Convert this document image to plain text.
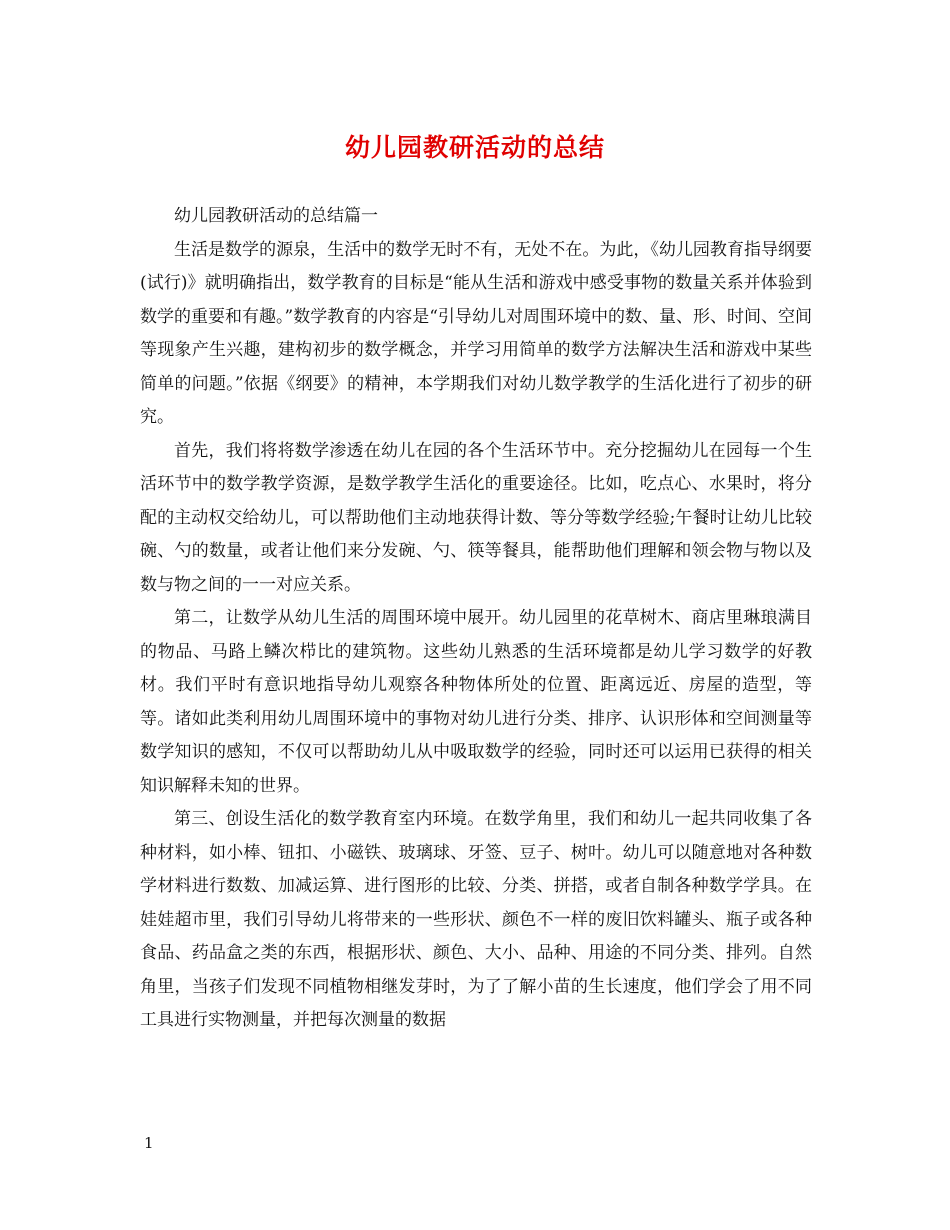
幼儿园教研活动的总结

幼儿园教研活动的总结篇一

生活是数学的源泉，生活中的数学无时不有，无处不在。为此，《幼儿园教育指导纲要(试行)》就明确指出，数学教育的目标是“能从生活和游戏中感受事物的数量关系并体验到数学的重要和有趣。”数学教育的内容是“引导幼儿对周围环境中的数、量、形、时间、空间等现象产生兴趣，建构初步的数学概念，并学习用简单的数学方法解决生活和游戏中某些简单的问题。”依据《纲要》的精神，本学期我们对幼儿数学教学的生活化进行了初步的研究。

首先，我们将将数学渗透在幼儿在园的各个生活环节中。充分挖掘幼儿在园每一个生活环节中的数学教学资源，是数学教学生活化的重要途径。比如，吃点心、水果时，将分配的主动权交给幼儿，可以帮助他们主动地获得计数、等分等数学经验;午餐时让幼儿比较碗、勺的数量，或者让他们来分发碗、勺、筷等餐具，能帮助他们理解和领会物与物以及数与物之间的一一对应关系。

第二，让数学从幼儿生活的周围环境中展开。幼儿园里的花草树木、商店里琳琅满目的物品、马路上鳞次栉比的建筑物。这些幼儿熟悉的生活环境都是幼儿学习数学的好教材。我们平时有意识地指导幼儿观察各种物体所处的位置、距离远近、房屋的造型，等等。诸如此类利用幼儿周围环境中的事物对幼儿进行分类、排序、认识形体和空间测量等数学知识的感知，不仅可以帮助幼儿从中吸取数学的经验，同时还可以运用已获得的相关知识解释未知的世界。

第三、创设生活化的数学教育室内环境。在数学角里，我们和幼儿一起共同收集了各种材料，如小棒、钮扣、小磁铁、玻璃球、牙签、豆子、树叶。幼儿可以随意地对各种数学材料进行数数、加减运算、进行图形的比较、分类、拼搭，或者自制各种数学学具。在娃娃超市里，我们引导幼儿将带来的一些形状、颜色不一样的废旧饮料罐头、瓶子或各种食品、药品盒之类的东西，根据形状、颜色、大小、品种、用途的不同分类、排列。自然角里，当孩子们发现不同植物相继发芽时，为了了解小苗的生长速度，他们学会了用不同工具进行实物测量，并把每次测量的数据

1
